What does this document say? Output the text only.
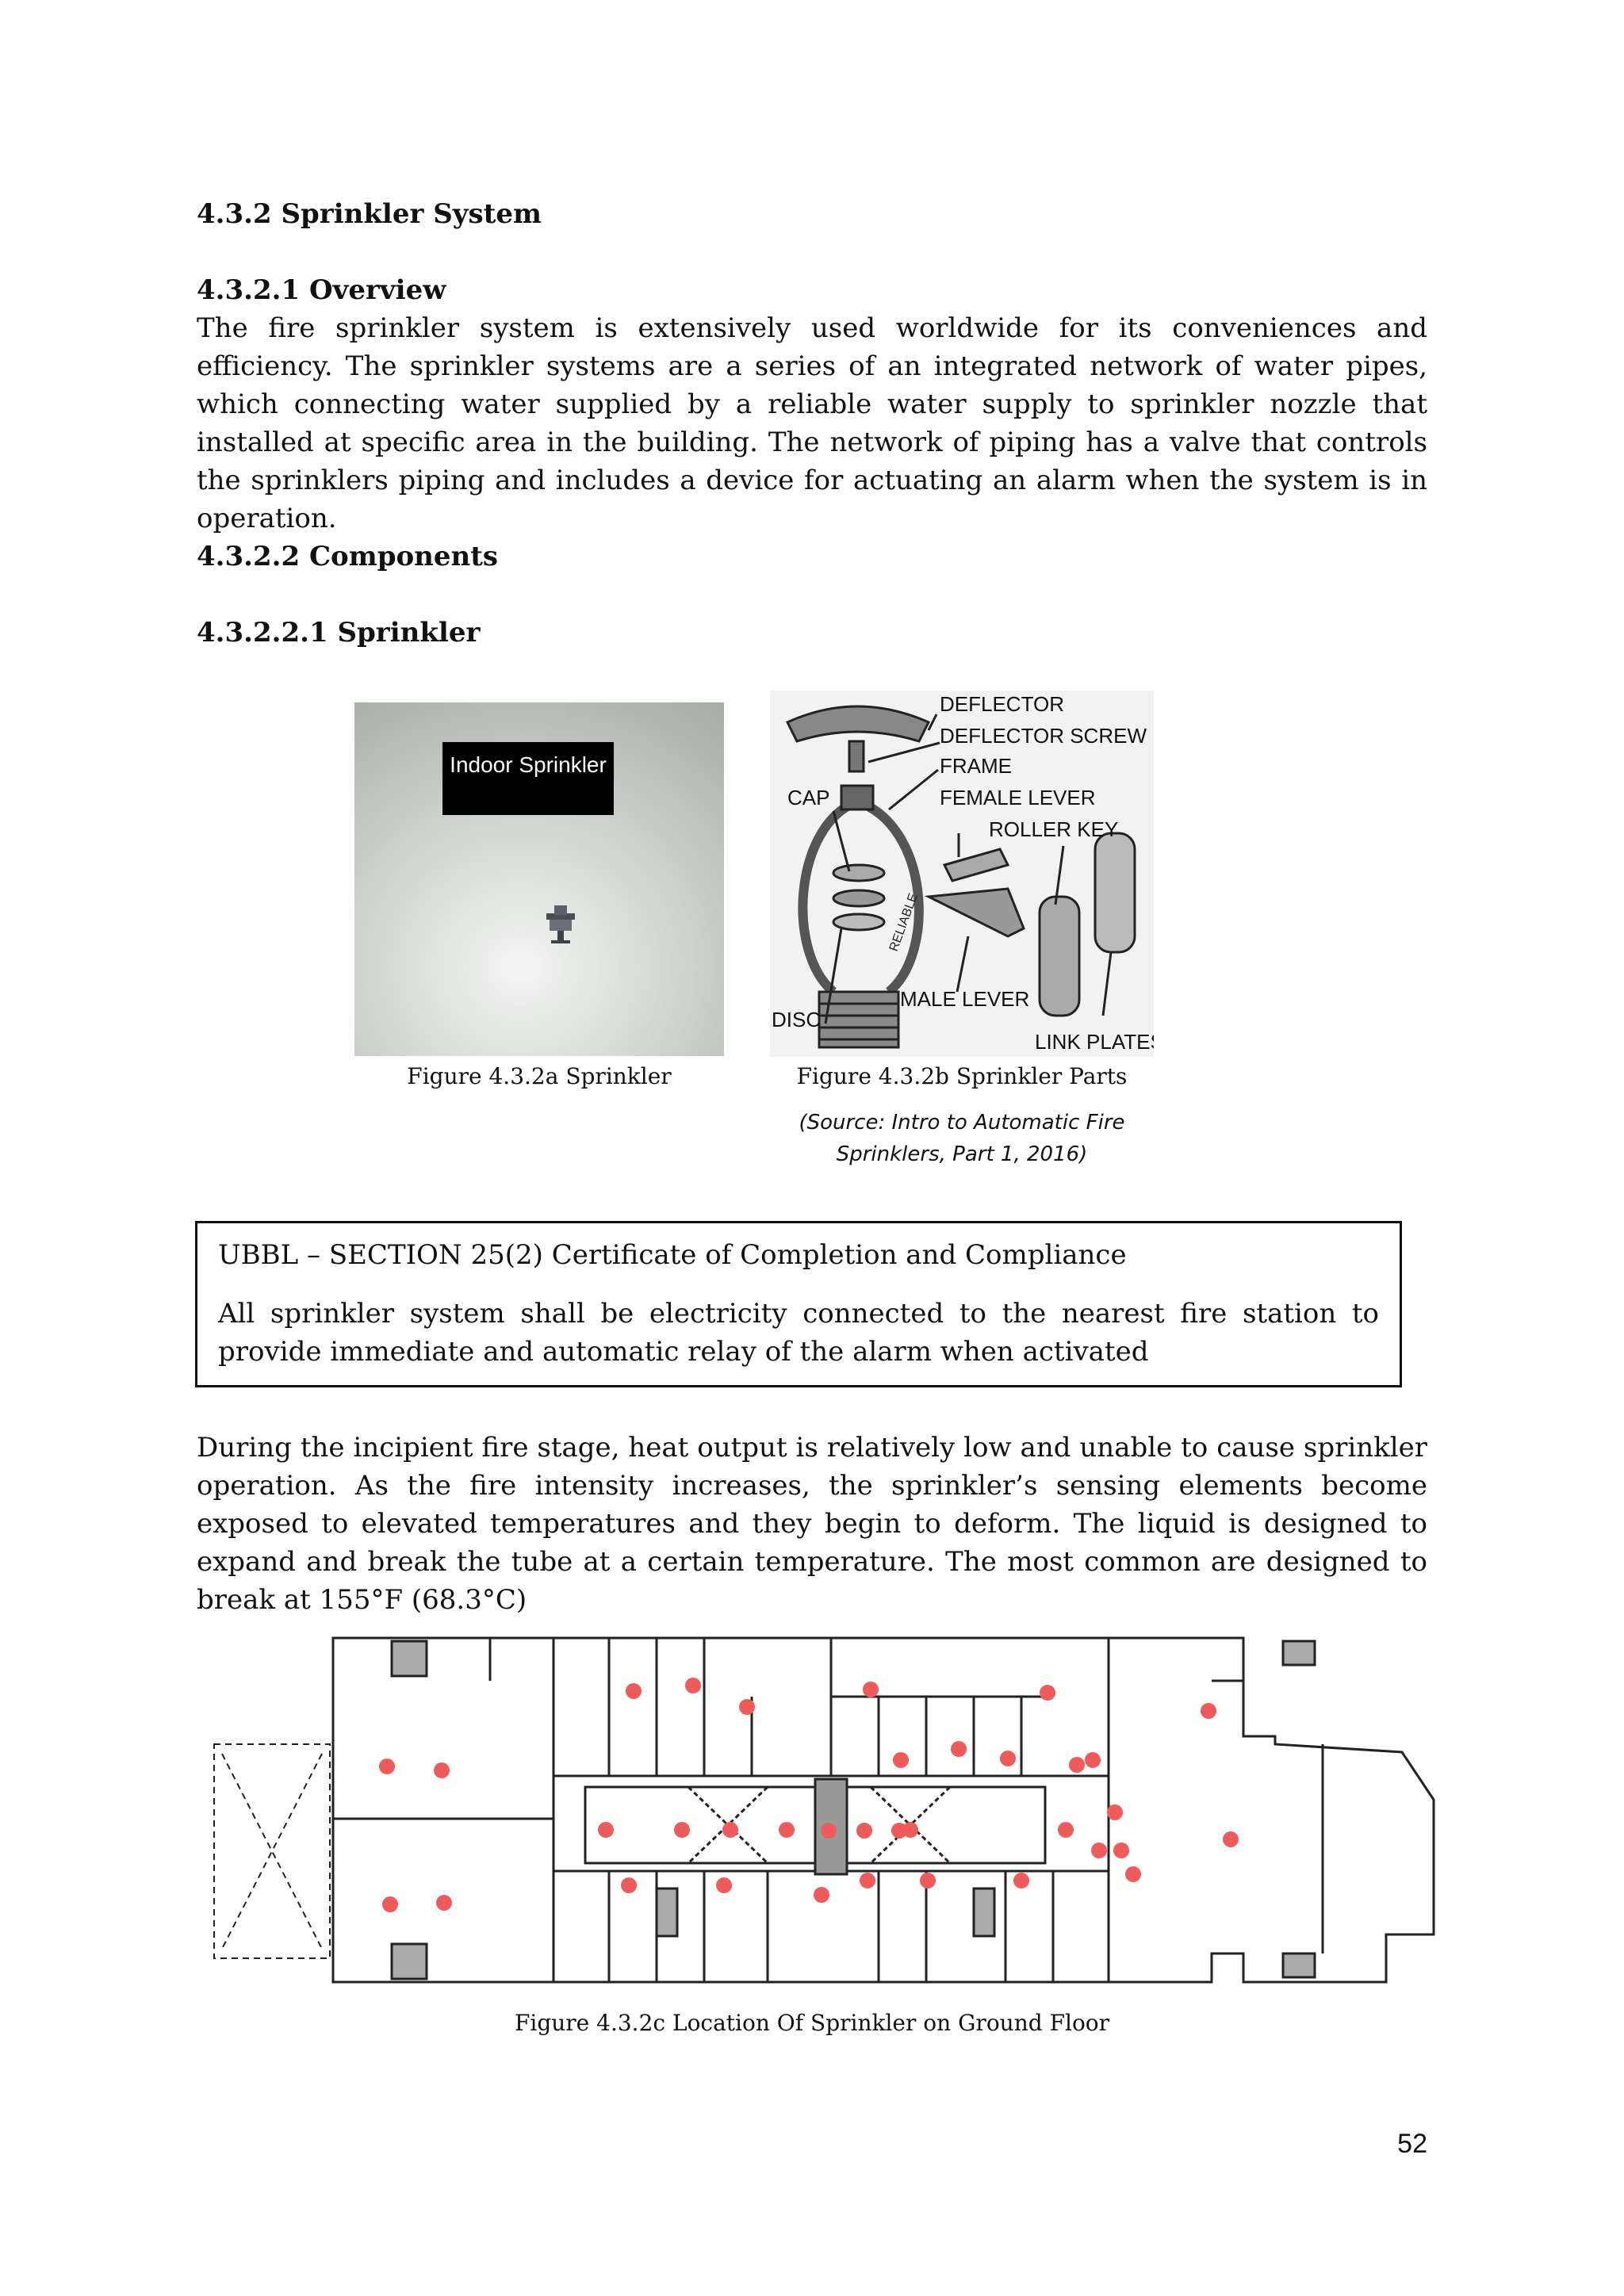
4.3.2 Sprinkler System
4.3.2.1 Overview

The fire sprinkler system is extensively used worldwide for its conveniences and efficiency. The sprinkler systems are a series of an integrated network of water pipes, which connecting water supplied by a reliable water supply to sprinkler nozzle that installed at specific area in the building. The network of piping has a valve that controls the sprinklers piping and includes a device for actuating an alarm when the system is in operation.

4.3.2.2 Components
4.3.2.2.1 Sprinkler
Indoor Sprinkler
Figure 4.3.2a Sprinkler
DEFLECTOR
DEFLECTOR SCREW
FRAME
CAP	FEMALE LEVER
ROLLER KEY
MALE LEVER
DISC
LINK PLATES
RELIABLE
Figure 4.3.2b Sprinkler Parts
(Source: Intro to Automatic Fire
Sprinklers, Part 1, 2016)

UBBL – SECTION 25(2) Certificate of Completion and Compliance

All sprinkler system shall be electricity connected to the nearest fire station to provide immediate and automatic relay of the alarm when activated

During the incipient fire stage, heat output is relatively low and unable to cause sprinkler operation. As the fire intensity increases, the sprinkler’s sensing elements become exposed to elevated temperatures and they begin to deform. The liquid is designed to expand and break the tube at a certain temperature. The most common are designed to break at 155°F (68.3°C)

Figure 4.3.2c Location Of Sprinkler on Ground Floor
52
